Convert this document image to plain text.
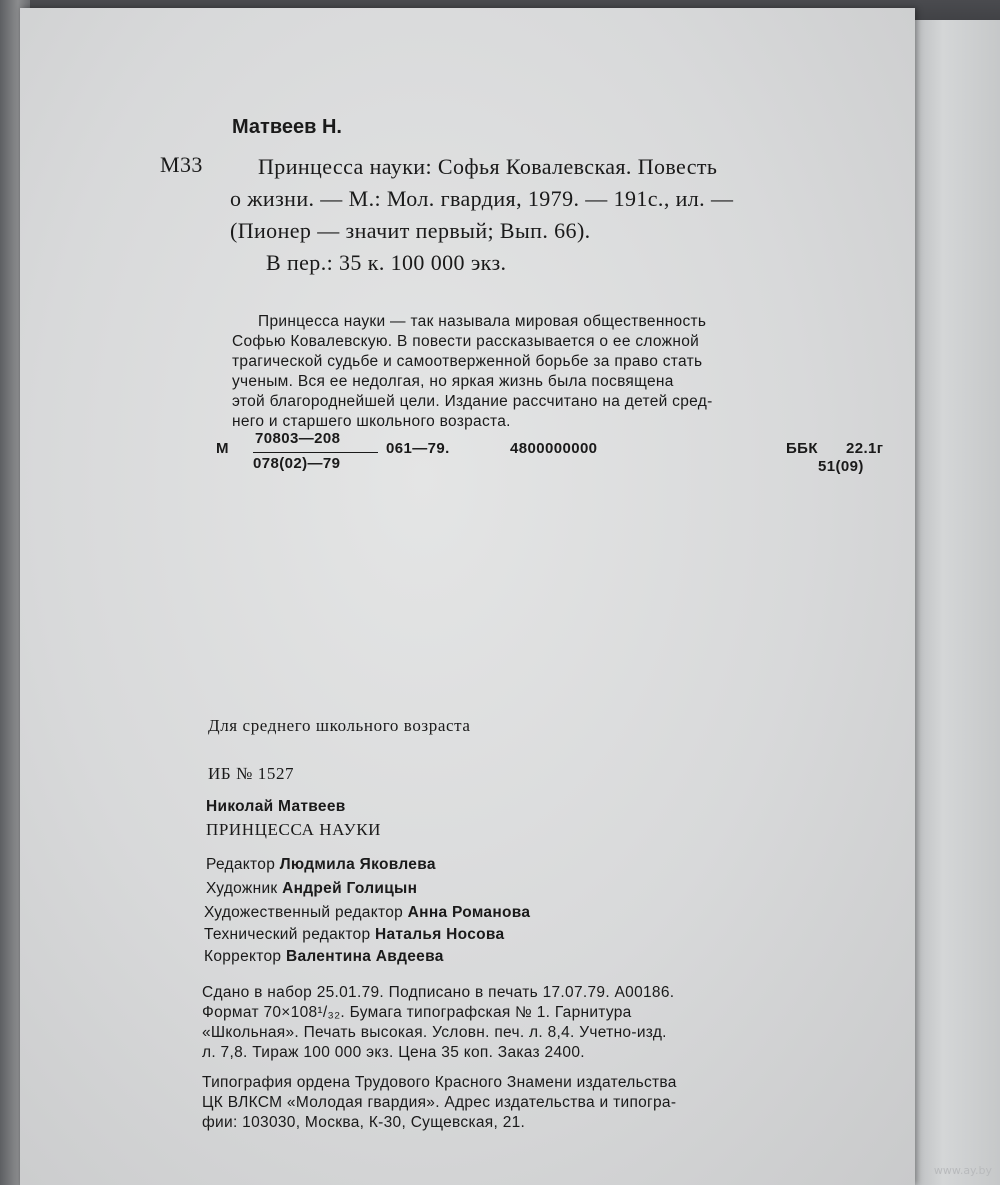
Матвеев Н.
М33	Принцесса науки: Софья Ковалевская. Повесть
о жизни. — М.: Мол. гвардия, 1979. — 191с., ил. —
(Пионер — значит первый; Вып. 66).
В пер.: 35 к. 100 000 экз.
Принцесса науки — так называла мировая общественность
Софью Ковалевскую. В повести рассказывается о ее сложной
трагической судьбе и самоотверженной борьбе за право стать
ученым. Вся ее недолгая, но яркая жизнь была посвящена
этой благороднейшей цели. Издание рассчитано на детей сред-
него и старшего школьного возраста.
М
70803—208
078(02)—79
061—79.	4800000000	ББК 22.1г
51(09)
Для среднего школьного возраста
ИБ № 1527
Николай Матвеев
ПРИНЦЕССА НАУКИ
Редактор Людмила Яковлева
Художник Андрей Голицын
Художественный редактор Анна Романова
Технический редактор Наталья Носова
Корректор Валентина Авдеева
Сдано в набор 25.01.79. Подписано в печать 17.07.79. А00186.
Формат 70×108¹/₃₂. Бумага типографская № 1. Гарнитура
«Школьная». Печать высокая. Условн. печ. л. 8,4. Учетно-изд.
л. 7,8. Тираж 100 000 экз. Цена 35 коп. Заказ 2400.
Типография ордена Трудового Красного Знамени издательства
ЦК ВЛКСМ «Молодая гвардия». Адрес издательства и типогра-
фии: 103030, Москва, К-30, Сущевская, 21.
www.ay.by
